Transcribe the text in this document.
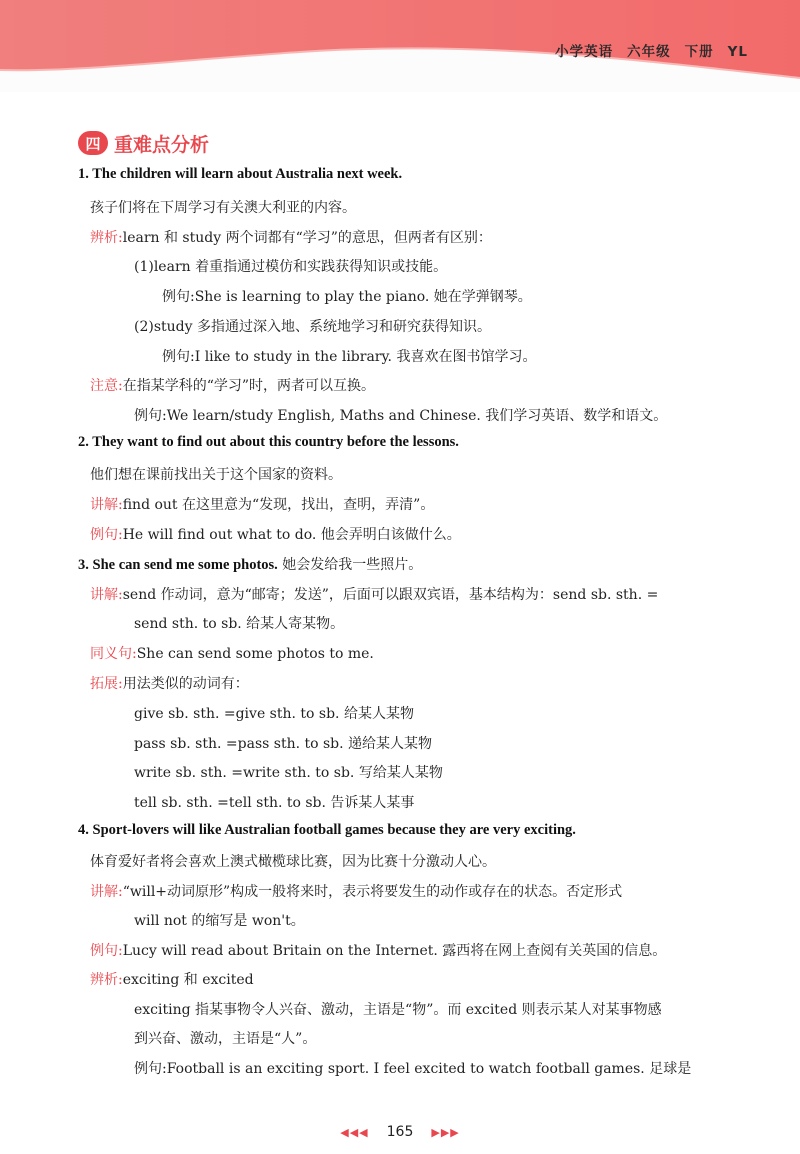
小学英语 六年级 下册 YL
四 重难点分析
1. The children will learn about Australia next week.
孩子们将在下周学习有关澳大利亚的内容。
辨析:learn 和 study 两个词都有“学习”的意思，但两者有区别：
(1)learn 着重指通过模仿和实践获得知识或技能。
例句:She is learning to play the piano. 她在学弹钢琴。
(2)study 多指通过深入地、系统地学习和研究获得知识。
例句:I like to study in the library. 我喜欢在图书馆学习。
注意:在指某学科的“学习”时，两者可以互换。
例句:We learn/study English, Maths and Chinese. 我们学习英语、数学和语文。
2. They want to find out about this country before the lessons.
他们想在课前找出关于这个国家的资料。
讲解:find out 在这里意为“发现，找出，查明，弄清”。
例句:He will find out what to do. 他会弄明白该做什么。
3. She can send me some photos. 她会发给我一些照片。
讲解:send 作动词，意为“邮寄；发送”，后面可以跟双宾语，基本结构为：send sb. sth. =
send sth. to sb. 给某人寄某物。
同义句:She can send some photos to me.
拓展:用法类似的动词有：
give sb. sth. =give sth. to sb. 给某人某物
pass sb. sth. =pass sth. to sb. 递给某人某物
write sb. sth. =write sth. to sb. 写给某人某物
tell sb. sth. =tell sth. to sb. 告诉某人某事
4. Sport-lovers will like Australian football games because they are very exciting.
体育爱好者将会喜欢上澳式橄榄球比赛，因为比赛十分激动人心。
讲解:“will+动词原形”构成一般将来时，表示将要发生的动作或存在的状态。否定形式
will not 的缩写是 won't。
例句:Lucy will read about Britain on the Internet. 露西将在网上查阅有关英国的信息。
辨析:exciting 和 excited
exciting 指某事物令人兴奋、激动，主语是“物”。而 excited 则表示某人对某事物感
到兴奋、激动，主语是“人”。
例句:Football is an exciting sport. I feel excited to watch football games. 足球是
◀◀◀ 165 ▶▶▶
